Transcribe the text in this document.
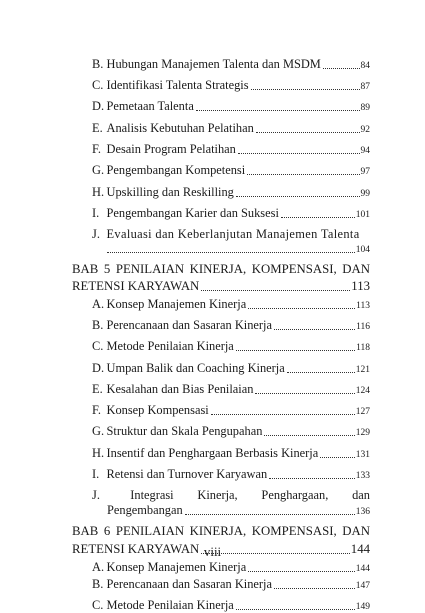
B. Hubungan Manajemen Talenta dan MSDM	84
C. Identifikasi Talenta Strategis	87
D. Pemetaan Talenta	89
E. Analisis Kebutuhan Pelatihan	92
F. Desain Program Pelatihan	94
G. Pengembangan Kompetensi	97
H. Upskilling dan Reskilling	99
I. Pengembangan Karier dan Suksesi	101
J. Evaluasi dan Keberlanjutan Manajemen Talenta
104
BAB 5 PENILAIAN KINERJA, KOMPENSASI, DAN
RETENSI KARYAWAN	113
A. Konsep Manajemen Kinerja	113
B. Perencanaan dan Sasaran Kinerja	116
C. Metode Penilaian Kinerja	118
D. Umpan Balik dan Coaching Kinerja	121
E. Kesalahan dan Bias Penilaian	124
F. Konsep Kompensasi	127
G. Struktur dan Skala Pengupahan	129
H. Insentif dan Penghargaan Berbasis Kinerja	131
I. Retensi dan Turnover Karyawan	133
J.	Integrasi Kinerja, Penghargaan, dan
Pengembangan	136
BAB 6 PENILAIAN KINERJA, KOMPENSASI, DAN
RETENSI KARYAWAN	144
A. Konsep Manajemen Kinerja	144
B. Perencanaan dan Sasaran Kinerja	147
C. Metode Penilaian Kinerja	149
viii
